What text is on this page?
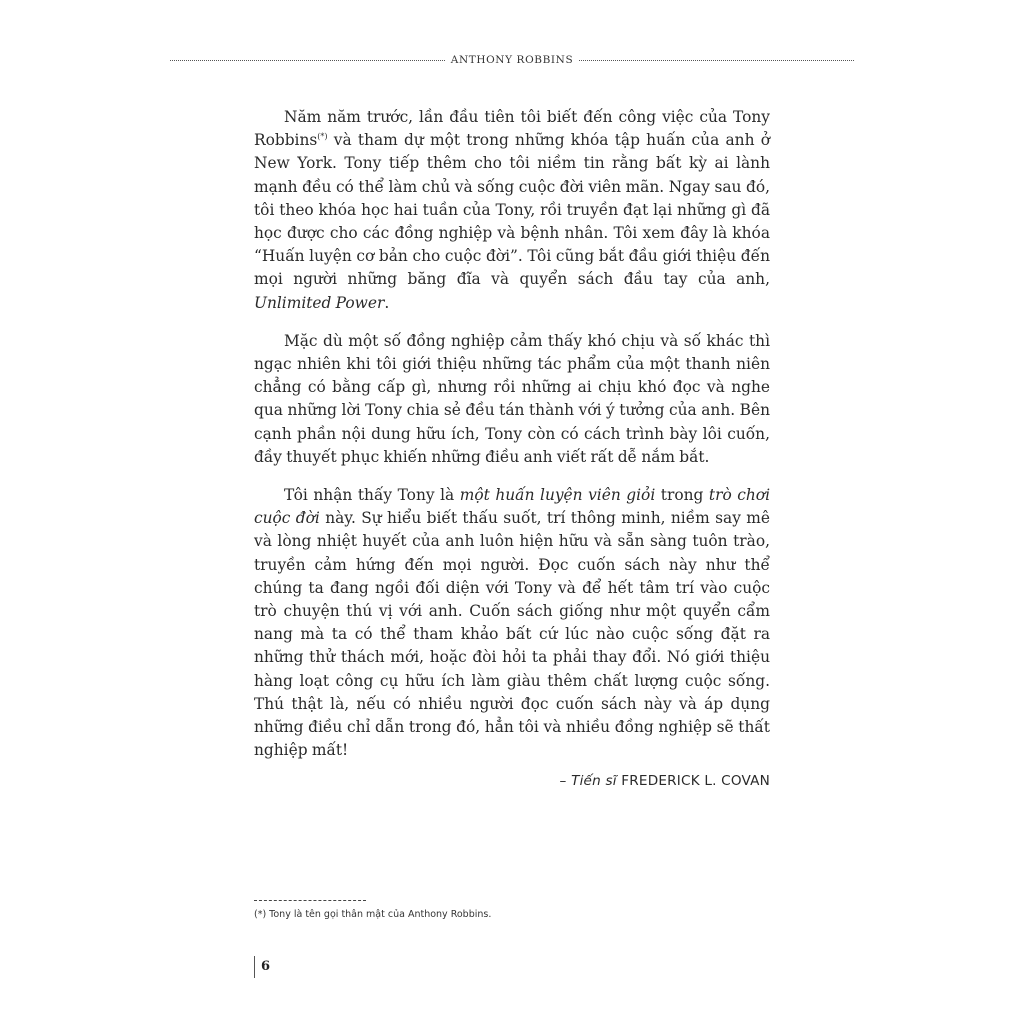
ANTHONY ROBBINS

Năm năm trước, lần đầu tiên tôi biết đến công việc của Tony Robbins(*) và tham dự một trong những khóa tập huấn của anh ở New York. Tony tiếp thêm cho tôi niềm tin rằng bất kỳ ai lành mạnh đều có thể làm chủ và sống cuộc đời viên mãn. Ngay sau đó, tôi theo khóa học hai tuần của Tony, rồi truyền đạt lại những gì đã học được cho các đồng nghiệp và bệnh nhân. Tôi xem đây là khóa “Huấn luyện cơ bản cho cuộc đời”. Tôi cũng bắt đầu giới thiệu đến mọi người những băng đĩa và quyển sách đầu tay của anh, Unlimited Power.

Mặc dù một số đồng nghiệp cảm thấy khó chịu và số khác thì ngạc nhiên khi tôi giới thiệu những tác phẩm của một thanh niên chẳng có bằng cấp gì, nhưng rồi những ai chịu khó đọc và nghe qua những lời Tony chia sẻ đều tán thành với ý tưởng của anh. Bên cạnh phần nội dung hữu ích, Tony còn có cách trình bày lôi cuốn, đầy thuyết phục khiến những điều anh viết rất dễ nắm bắt.

Tôi nhận thấy Tony là một huấn luyện viên giỏi trong trò chơi cuộc đời này. Sự hiểu biết thấu suốt, trí thông minh, niềm say mê và lòng nhiệt huyết của anh luôn hiện hữu và sẵn sàng tuôn trào, truyền cảm hứng đến mọi người. Đọc cuốn sách này như thể chúng ta đang ngồi đối diện với Tony và để hết tâm trí vào cuộc trò chuyện thú vị với anh. Cuốn sách giống như một quyển cẩm nang mà ta có thể tham khảo bất cứ lúc nào cuộc sống đặt ra những thử thách mới, hoặc đòi hỏi ta phải thay đổi. Nó giới thiệu hàng loạt công cụ hữu ích làm giàu thêm chất lượng cuộc sống. Thú thật là, nếu có nhiều người đọc cuốn sách này và áp dụng những điều chỉ dẫn trong đó, hẳn tôi và nhiều đồng nghiệp sẽ thất nghiệp mất!

– Tiến sĩ FREDERICK L. COVAN
(*) Tony là tên gọi thân mật của Anthony Robbins.
6
